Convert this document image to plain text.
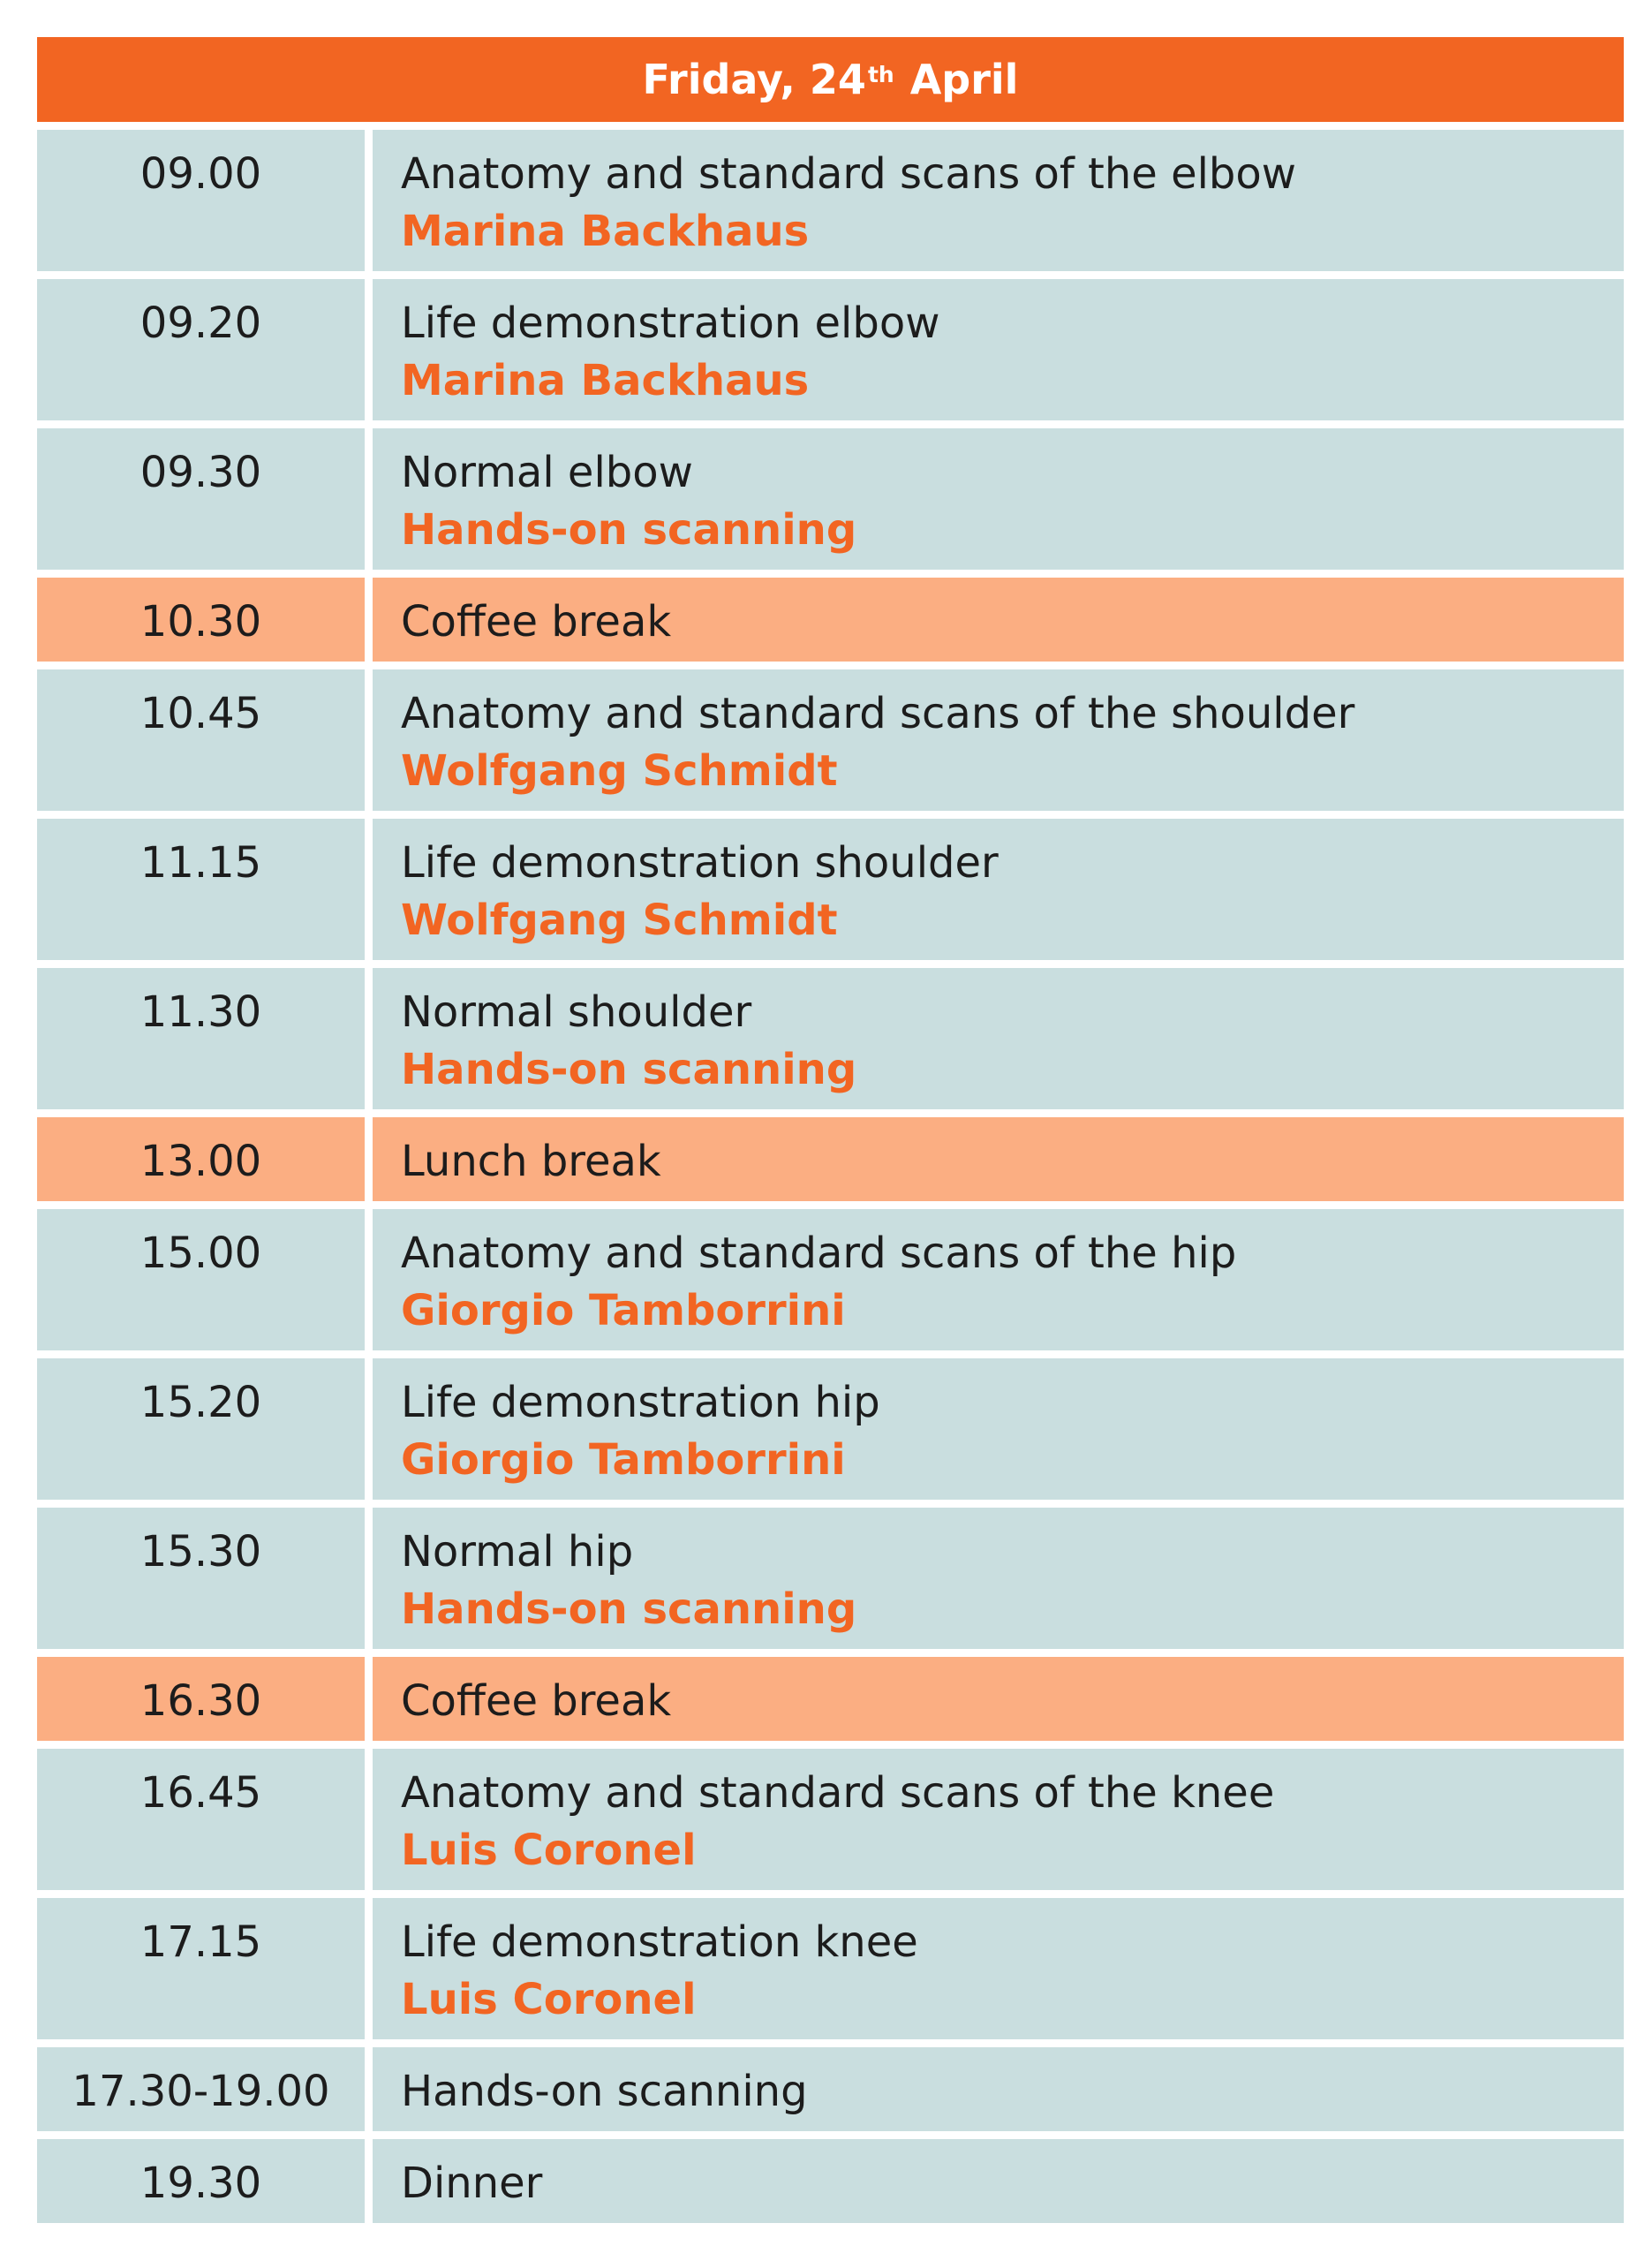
Friday, 24th
April
09.00	Anatomy and standard scans of the elbow
Marina Backhaus
09.20	Life demonstration elbow
Marina Backhaus
09.30	Normal elbow
Hands-on scanning
10.30	Coffee break
10.45	Anatomy and standard scans of the shoulder
Wolfgang Schmidt
11.15	Life demonstration shoulder
Wolfgang Schmidt
11.30	Normal shoulder
Hands-on scanning
13.00	Lunch break
15.00	Anatomy and standard scans of the hip
Giorgio Tamborrini
15.20	Life demonstration hip
Giorgio Tamborrini
15.30	Normal hip
Hands-on scanning
16.30	Coffee break
16.45	Anatomy and standard scans of the knee
Luis Coronel
17.15	Life demonstration knee
Luis Coronel
17.30-19.00	Hands-on scanning
19.30	Dinner
